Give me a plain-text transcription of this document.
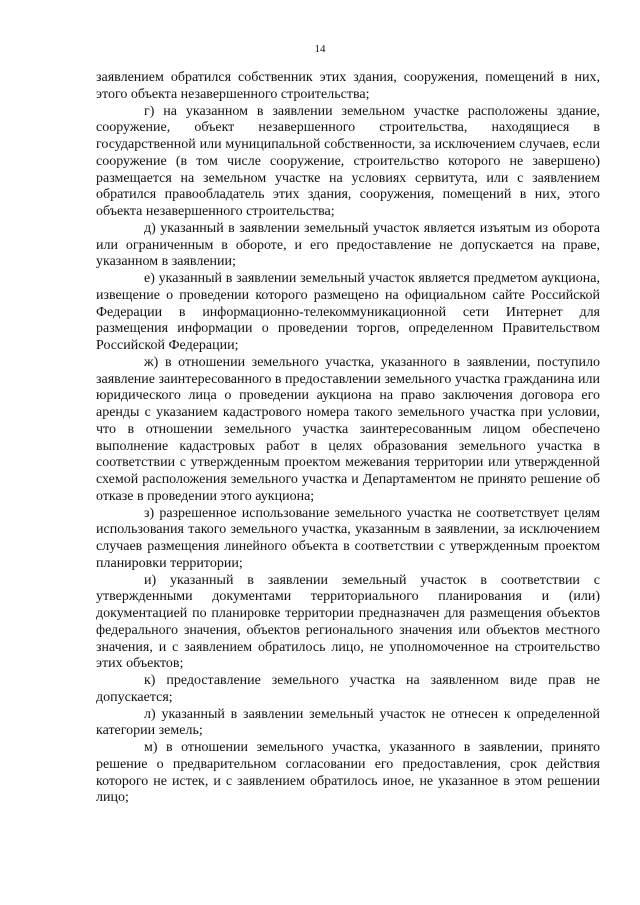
14

заявлением обратился собственник этих здания, сооружения, помещений в них, этого объекта незавершенного строительства;

г) на указанном в заявлении земельном участке расположены здание, сооружение, объект незавершенного строительства, находящиеся в государственной или муниципальной собственности, за исключением случаев, если сооружение (в том числе сооружение, строительство которого не завершено) размещается на земельном участке на условиях сервитута, или с заявлением обратился правообладатель этих здания, сооружения, помещений в них, этого объекта незавершенного строительства;

д) указанный в заявлении земельный участок является изъятым из оборота или ограниченным в обороте, и его предоставление не допускается на праве, указанном в заявлении;

е) указанный в заявлении земельный участок является предметом аукциона, извещение о проведении которого размещено на официальном сайте Российской Федерации в информационно-телекоммуникационной сети Интернет для размещения информации о проведении торгов, определенном Правительством Российской Федерации;

ж) в отношении земельного участка, указанного в заявлении, поступило заявление заинтересованного в предоставлении земельного участка гражданина или юридического лица о проведении аукциона на право заключения договора его аренды с указанием кадастрового номера такого земельного участка при условии, что в отношении земельного участка заинтересованным лицом обеспечено выполнение кадастровых работ в целях образования земельного участка в соответствии с утвержденным проектом межевания территории или утвержденной схемой расположения земельного участка и Департаментом не принято решение об отказе в проведении этого аукциона;

з) разрешенное использование земельного участка не соответствует целям использования такого земельного участка, указанным в заявлении, за исключением случаев размещения линейного объекта в соответствии с утвержденным проектом планировки территории;

и) указанный в заявлении земельный участок в соответствии с утвержденными документами территориального планирования и (или) документацией по планировке территории предназначен для размещения объектов федерального значения, объектов регионального значения или объектов местного значения, и с заявлением обратилось лицо, не уполномоченное на строительство этих объектов;

к) предоставление земельного участка на заявленном виде прав не допускается;

л) указанный в заявлении земельный участок не отнесен к определенной категории земель;

м) в отношении земельного участка, указанного в заявлении, принято решение о предварительном согласовании его предоставления, срок действия которого не истек, и с заявлением обратилось иное, не указанное в этом решении лицо;
